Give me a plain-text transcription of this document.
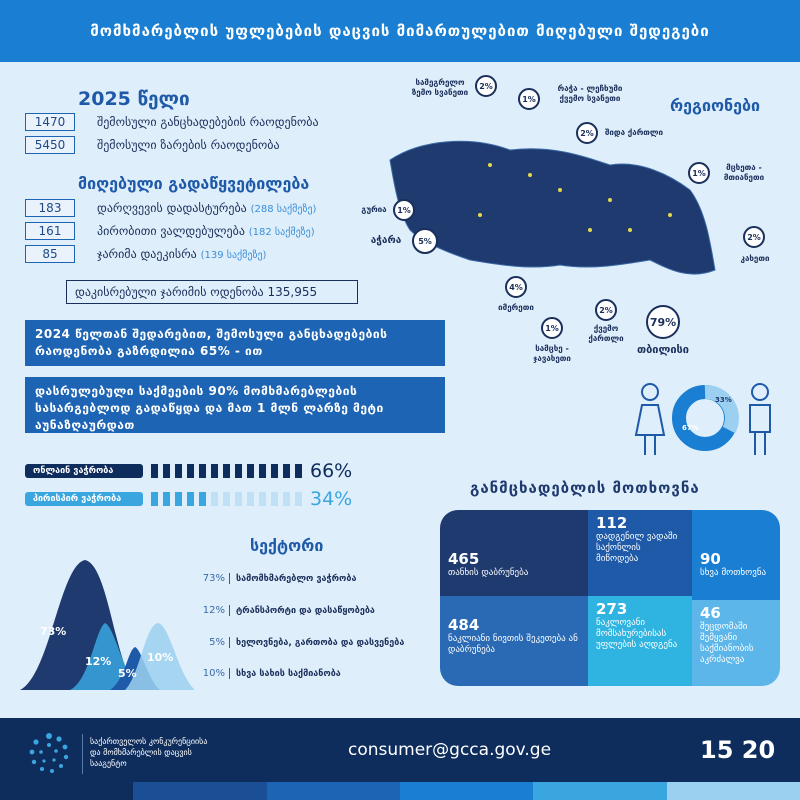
მომხმარებლის უფლებების დაცვის მიმართულებით მიღებული შედეგები
2025 წელი
1470	შემოსული განცხადებების რაოდენობა
5450	შემოსული ზარების რაოდენობა
მიღებული გადაწყვეტილება
183	დარღვევის დადასტურება (288 საქმეზე)
161	პირობითი ვალდებულება (182 საქმეზე)
85	ჯარიმა დაეკისრა (139 საქმეზე)
დაკისრებული ჯარიმის ოდენობა 135,955
2024 წელთან შედარებით, შემოსული განცხადებების რაოდენობა გაზრდილია 65% - ით
დასრულებული საქმეების 90% მომხმარებლების სასარგებლოდ გადაწყდა და მათ 1 მლნ ლარზე მეტი აუნაზღაურდათ
ონლაინ ვაჭრობა	66%
პირისპირ ვაჭრობა	34%
73%
12%
5%
10%
სექტორი
73%	სამომხმარებლო ვაჭრობა
12%	ტრანსპორტი და დასაწყობება
5%	ხელოვნება, გართობა და დასვენება
10%	სხვა სახის საქმიანობა
რეგიონები
2%
სამეგრელო ზემო სვანეთი
1%
რაჭა - ლეჩხუმი ქვემო სვანეთი
2%	შიდა ქართლი
1%
მცხეთა - მთიანეთი
1%
გურია
5%
აჭარა	2%
კახეთი
4%
იმერეთი	2%
ქვემო ქართლი
1%
სამცხე - ჯავახეთი
79%
თბილისი
67%
33%
განმცხადებლის მოთხოვნა
465
თანხის დაბრუნება
112
დადგენილ ვადაში საქონლის მიწოდება	90
სხვა მოთხოვნა
484
ნაკლიანი ნივთის შეკეთება ან დაბრუნება
273
ნაკლოვანი მომსახურებისას უფლების აღდგენა
46
შეცდომაში შემყვანი საქმიანობის აკრძალვა
საქართველოს კონკურენციისა და მომხმარებლის დაცვის სააგენტო
consumer@gcca.gov.ge	15 20
